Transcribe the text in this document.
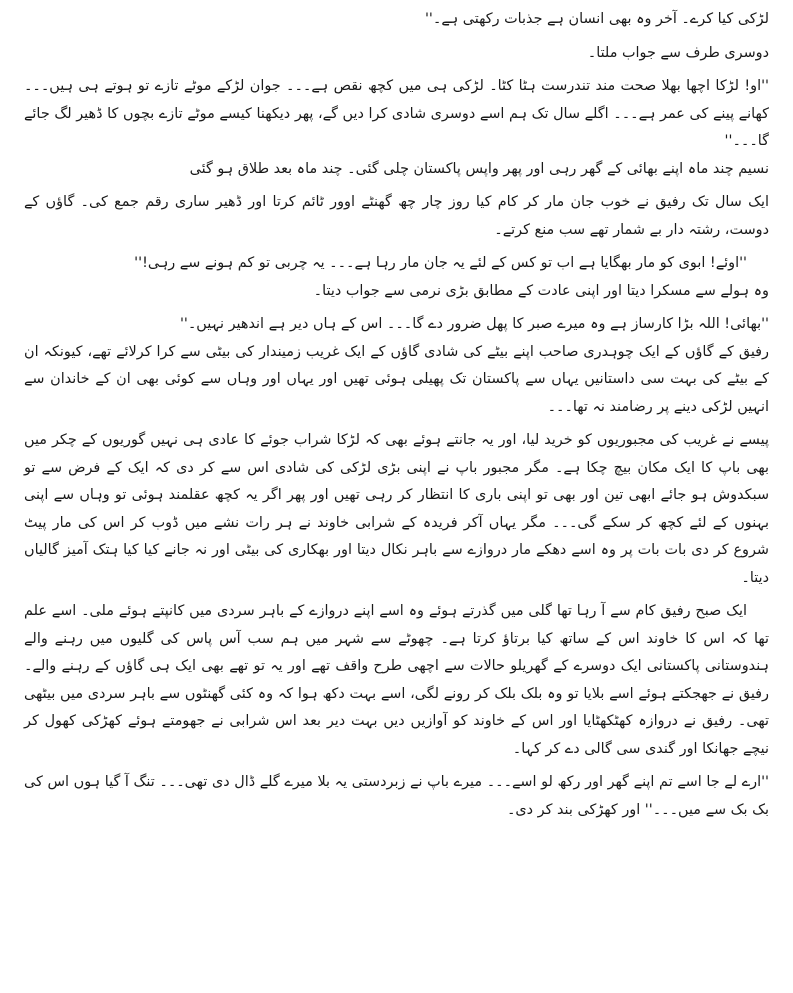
لڑکی کیا کرے۔ آخر وہ بھی انسان ہے جذبات رکھتی ہے۔''

دوسری طرف سے جواب ملتا۔

''او! لڑکا اچھا بھلا صحت مند تندرست ہٹا کٹا۔ لڑکی ہی میں کچھ نقص ہے۔۔۔ جوان لڑکے موٹے تازے تو ہوتے ہی ہیں۔۔۔ کھانے پینے کی عمر ہے۔۔۔ اگلے سال تک ہم اسے دوسری شادی کرا دیں گے، پھر دیکھنا کیسے موٹے تازے بچوں کا ڈھیر لگ جائے گا۔۔۔''

نسیم چند ماہ اپنے بھائی کے گھر رہی اور پھر واپس پاکستان چلی گئی۔ چند ماہ بعد طلاق ہو گئی

ایک سال تک رفیق نے خوب جان مار کر کام کیا روز چار چھ گھنٹے اوور ٹائم کرتا اور ڈھیر ساری رقم جمع کی۔ گاؤں کے دوست، رشتہ دار بے شمار تھے سب منع کرتے۔

''اوئے! ابوی کو مار بھگایا ہے اب تو کس کے لئے یہ جان مار رہا ہے۔۔۔ یہ چربی تو کم ہونے سے رہی!''

وہ ہولے سے مسکرا دیتا اور اپنی عادت کے مطابق بڑی نرمی سے جواب دیتا۔

''بھائی! اللہ بڑا کارساز ہے وہ میرے صبر کا پھل ضرور دے گا۔۔۔ اس کے ہاں دیر ہے اندھیر نہیں۔''

رفیق کے گاؤں کے ایک چوہدری صاحب اپنے بیٹے کی شادی گاؤں کے ایک غریب زمیندار کی بیٹی سے کرا کرلائے تھے، کیونکہ ان کے بیٹے کی بہت سی داستانیں یہاں سے پاکستان تک پھیلی ہوئی تھیں اور یہاں اور وہاں سے کوئی بھی ان کے خاندان سے انہیں لڑکی دینے پر رضامند نہ تھا۔۔۔

پیسے نے غریب کی مجبوریوں کو خرید لیا، اور یہ جانتے ہوئے بھی کہ لڑکا شراب جوئے کا عادی ہی نہیں گوریوں کے چکر میں بھی باپ کا ایک مکان بیچ چکا ہے۔ مگر مجبور باپ نے اپنی بڑی لڑکی کی شادی اس سے کر دی کہ ایک کے فرض سے تو سبکدوش ہو جائے ابھی تین اور بھی تو اپنی باری کا انتظار کر رہی تھیں اور پھر اگر یہ کچھ عقلمند ہوئی تو وہاں سے اپنی بہنوں کے لئے کچھ کر سکے گی۔۔۔ مگر یہاں آکر فریدہ کے شرابی خاوند نے ہر رات نشے میں ڈوب کر اس کی مار پیٹ شروع کر دی بات بات پر وہ اسے دھکے مار دروازے سے باہر نکال دیتا اور بھکاری کی بیٹی اور نہ جانے کیا کیا ہتک آمیز گالیاں دیتا۔

ایک صبح رفیق کام سے آ رہا تھا گلی میں گذرتے ہوئے وہ اسے اپنے دروازے کے باہر سردی میں کانپتے ہوئے ملی۔ اسے علم تھا کہ اس کا خاوند اس کے ساتھ کیا برتاؤ کرتا ہے۔ چھوٹے سے شہر میں ہم سب آس پاس کی گلیوں میں رہنے والے ہندوستانی پاکستانی ایک دوسرے کے گھریلو حالات سے اچھی طرح واقف تھے اور یہ تو تھے بھی ایک ہی گاؤں کے رہنے والے۔ رفیق نے جھجکتے ہوئے اسے بلایا تو وہ بلک بلک کر رونے لگی، اسے بہت دکھ ہوا کہ وہ کئی گھنٹوں سے باہر سردی میں بیٹھی تھی۔ رفیق نے دروازہ کھٹکھٹایا اور اس کے خاوند کو آوازیں دیں بہت دیر بعد اس شرابی نے جھومتے ہوئے کھڑکی کھول کر نیچے جھانکا اور گندی سی گالی دے کر کہا۔

''ارے لے جا اسے تم اپنے گھر اور رکھ لو اسے۔۔۔ میرے باپ نے زبردستی یہ بلا میرے گلے ڈال دی تھی۔۔۔ تنگ آ گیا ہوں اس کی بک بک سے میں۔۔۔'' اور کھڑکی بند کر دی۔
